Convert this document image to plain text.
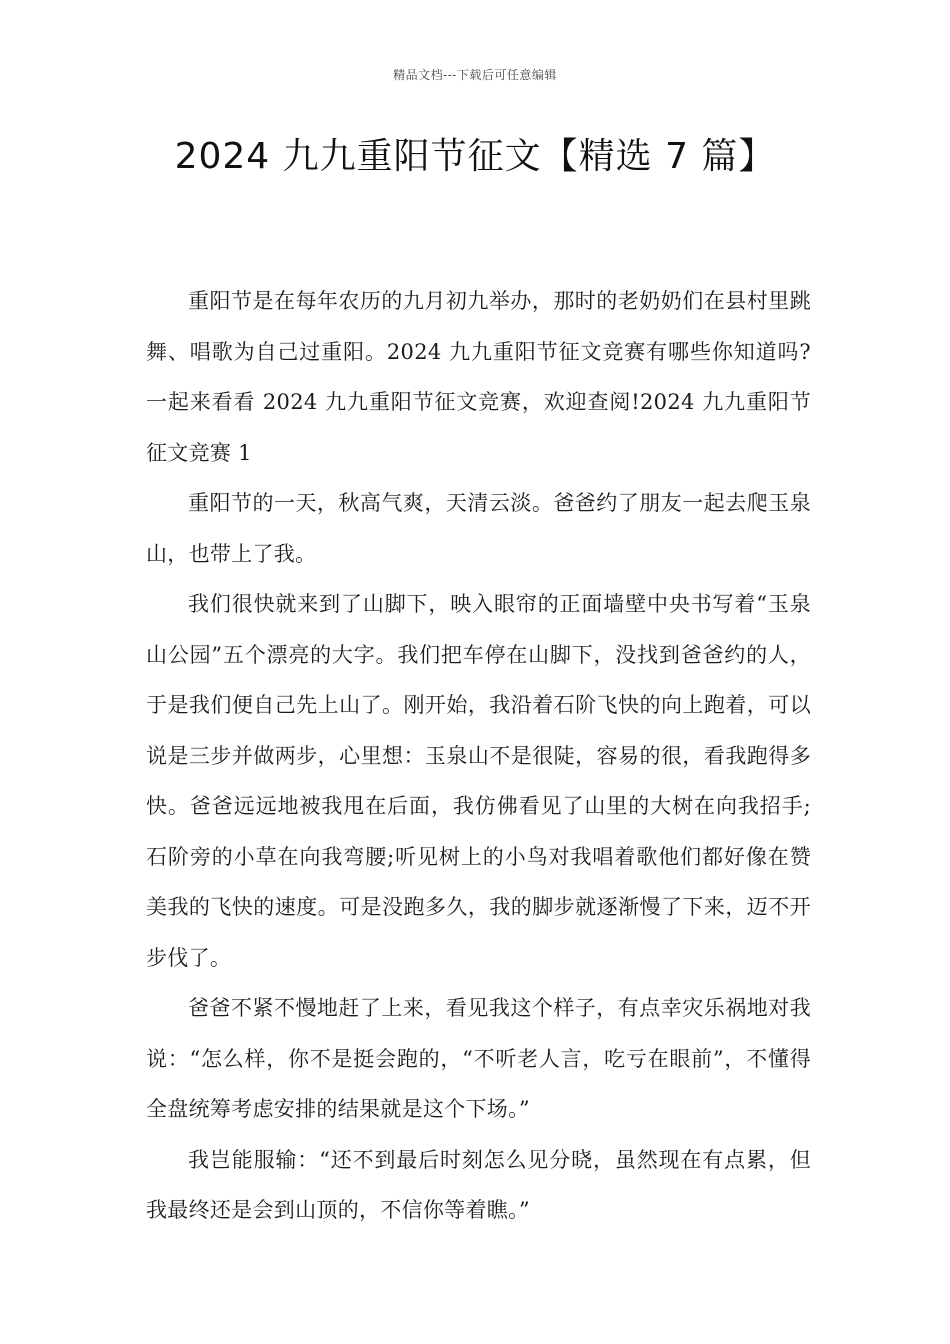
精品文档---下载后可任意编辑
2024 九九重阳节征文【精选 7 篇】

重阳节是在每年农历的九月初九举办，那时的老奶奶们在县村里跳舞、唱歌为自己过重阳。2024 九九重阳节征文竞赛有哪些你知道吗?一起来看看 2024 九九重阳节征文竞赛，欢迎查阅!2024 九九重阳节征文竞赛 1

重阳节的一天，秋高气爽，天清云淡。爸爸约了朋友一起去爬玉泉山，也带上了我。

我们很快就来到了山脚下，映入眼帘的正面墙壁中央书写着“玉泉山公园”五个漂亮的大字。我们把车停在山脚下，没找到爸爸约的人，于是我们便自己先上山了。刚开始，我沿着石阶飞快的向上跑着，可以说是三步并做两步，心里想：玉泉山不是很陡，容易的很，看我跑得多快。爸爸远远地被我甩在后面，我仿佛看见了山里的大树在向我招手;石阶旁的小草在向我弯腰;听见树上的小鸟对我唱着歌他们都好像在赞美我的飞快的速度。可是没跑多久，我的脚步就逐渐慢了下来，迈不开步伐了。

爸爸不紧不慢地赶了上来，看见我这个样子，有点幸灾乐祸地对我说：“怎么样，你不是挺会跑的，“不听老人言，吃亏在眼前”，不懂得全盘统筹考虑安排的结果就是这个下场。”

我岂能服输：“还不到最后时刻怎么见分晓，虽然现在有点累，但我最终还是会到山顶的，不信你等着瞧。”
